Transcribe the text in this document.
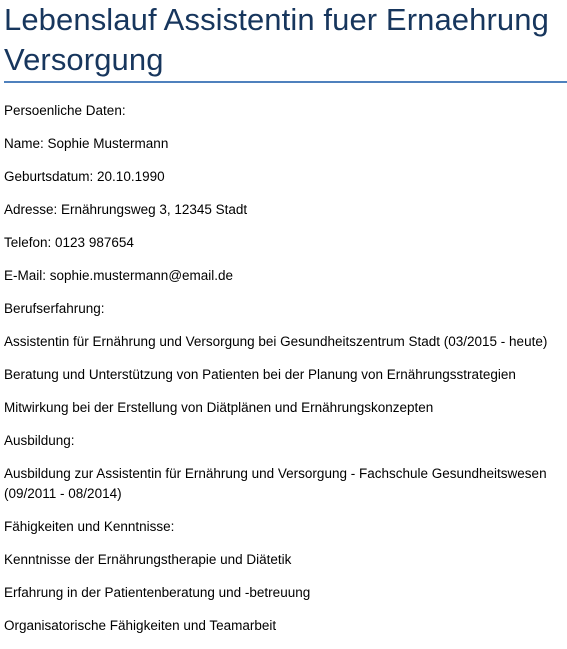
Lebenslauf Assistentin fuer Ernaehrung Versorgung

Persoenliche Daten:

Name: Sophie Mustermann

Geburtsdatum: 20.10.1990

Adresse: Ernährungsweg 3, 12345 Stadt

Telefon: 0123 987654

E-Mail: sophie.mustermann@email.de

Berufserfahrung:

Assistentin für Ernährung und Versorgung bei Gesundheitszentrum Stadt (03/2015 - heute)

Beratung und Unterstützung von Patienten bei der Planung von Ernährungsstrategien

Mitwirkung bei der Erstellung von Diätplänen und Ernährungskonzepten

Ausbildung:

Ausbildung zur Assistentin für Ernährung und Versorgung - Fachschule Gesundheitswesen (09/2011 - 08/2014)

Fähigkeiten und Kenntnisse:

Kenntnisse der Ernährungstherapie und Diätetik

Erfahrung in der Patientenberatung und -betreuung

Organisatorische Fähigkeiten und Teamarbeit
